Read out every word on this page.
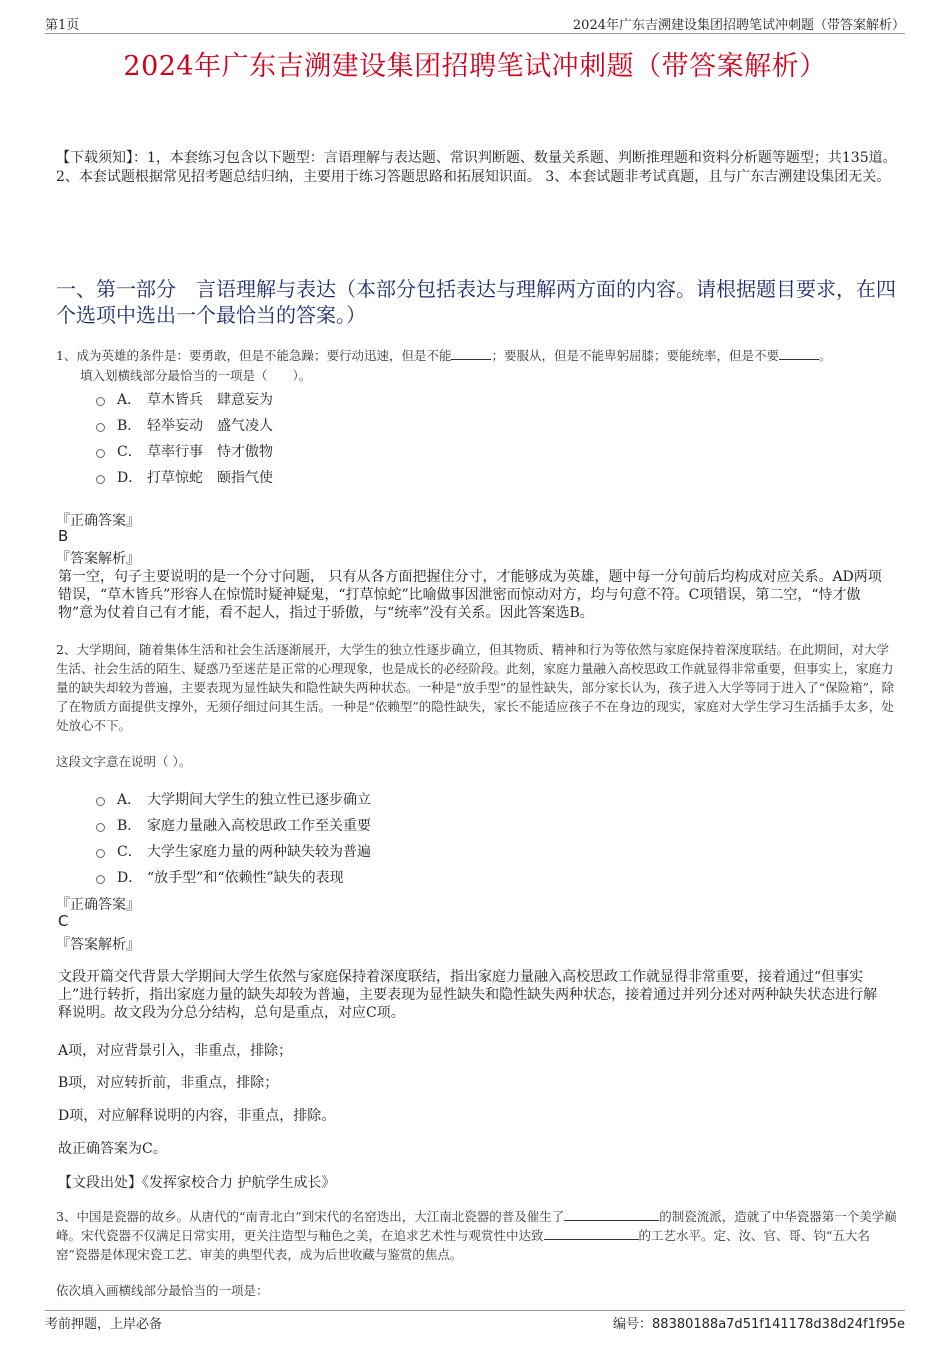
第1页	2024年广东吉溯建设集团招聘笔试冲刺题（带答案解析）
2024年广东吉溯建设集团招聘笔试冲刺题（带答案解析）
【下载须知】：1，本套练习包含以下题型：言语理解与表达题、常识判断题、数量关系题、判断推理题和资料分析题等题型；共135道。 2、本套试题根据常见招考题总结归纳，主要用于练习答题思路和拓展知识面。 3、本套试题非考试真题，且与广东吉溯建设集团无关。
一、第一部分　言语理解与表达（本部分包括表达与理解两方面的内容。请根据题目要求，在四个选项中选出一个最恰当的答案。）
1、成为英雄的条件是：要勇敢，但是不能急躁；要行动迅速，但是不能	；要服从，但是不能卑躬屈膝；要能统率，但是不要	。
填入划横线部分最恰当的一项是（　　）。
A． 草木皆兵　肆意妄为
B． 轻举妄动　盛气凌人
C． 草率行事　恃才傲物
D． 打草惊蛇　颐指气使
『正确答案』
B
『答案解析』
第一空，句子主要说明的是一个分寸问题， 只有从各方面把握住分寸，才能够成为英雄，题中每一分句前后均构成对应关系。AD两项错误，“草木皆兵”形容人在惊慌时疑神疑鬼，“打草惊蛇”比喻做事因泄密而惊动对方，均与句意不符。C项错误，第二空，“恃才傲物”意为仗着自己有才能，看不起人，指过于骄傲，与“统率”没有关系。因此答案选B。
2、大学期间，随着集体生活和社会生活逐渐展开，大学生的独立性逐步确立，但其物质、精神和行为等依然与家庭保持着深度联结。在此期间，对大学生活、社会生活的陌生、疑惑乃至迷茫是正常的心理现象，也是成长的必经阶段。此刻，家庭力量融入高校思政工作就显得非常重要，但事实上，家庭力量的缺失却较为普遍，主要表现为显性缺失和隐性缺失两种状态。一种是“放手型”的显性缺失，部分家长认为，孩子进入大学等同于进入了“保险箱”，除了在物质方面提供支撑外，无须仔细过问其生活。一种是“依赖型”的隐性缺失，家长不能适应孩子不在身边的现实，家庭对大学生学习生活插手太多，处处放心不下。
这段文字意在说明（ ）。
A． 大学期间大学生的独立性已逐步确立
B． 家庭力量融入高校思政工作至关重要
C． 大学生家庭力量的两种缺失较为普遍
D． “放手型”和“依赖性”缺失的表现
『正确答案』
C
『答案解析』
文段开篇交代背景大学期间大学生依然与家庭保持着深度联结，指出家庭力量融入高校思政工作就显得非常重要，接着通过“但事实上”进行转折，指出家庭力量的缺失却较为普遍，主要表现为显性缺失和隐性缺失两种状态，接着通过并列分述对两种缺失状态进行解释说明。故文段为分总分结构，总句是重点，对应C项。
A项，对应背景引入，非重点，排除；
B项，对应转折前，非重点，排除；
D项，对应解释说明的内容，非重点，排除。
故正确答案为C。
【文段出处】《发挥家校合力 护航学生成长》
3、中国是瓷器的故乡。从唐代的“南青北白”到宋代的名窑迭出，大江南北瓷器的普及催生了	的制瓷流派，造就了中华瓷器第一个美学巅峰。宋代瓷器不仅满足日常实用，更关注造型与釉色之美，在追求艺术性与观赏性中达致	的工艺水平。定、汝、官、哥、钧“五大名窑”瓷器是体现宋瓷工艺、审美的典型代表，成为后世收藏与鉴赏的焦点。
依次填入画横线部分最恰当的一项是：
考前押题，上岸必备	编号：88380188a7d51f141178d38d24f1f95e
